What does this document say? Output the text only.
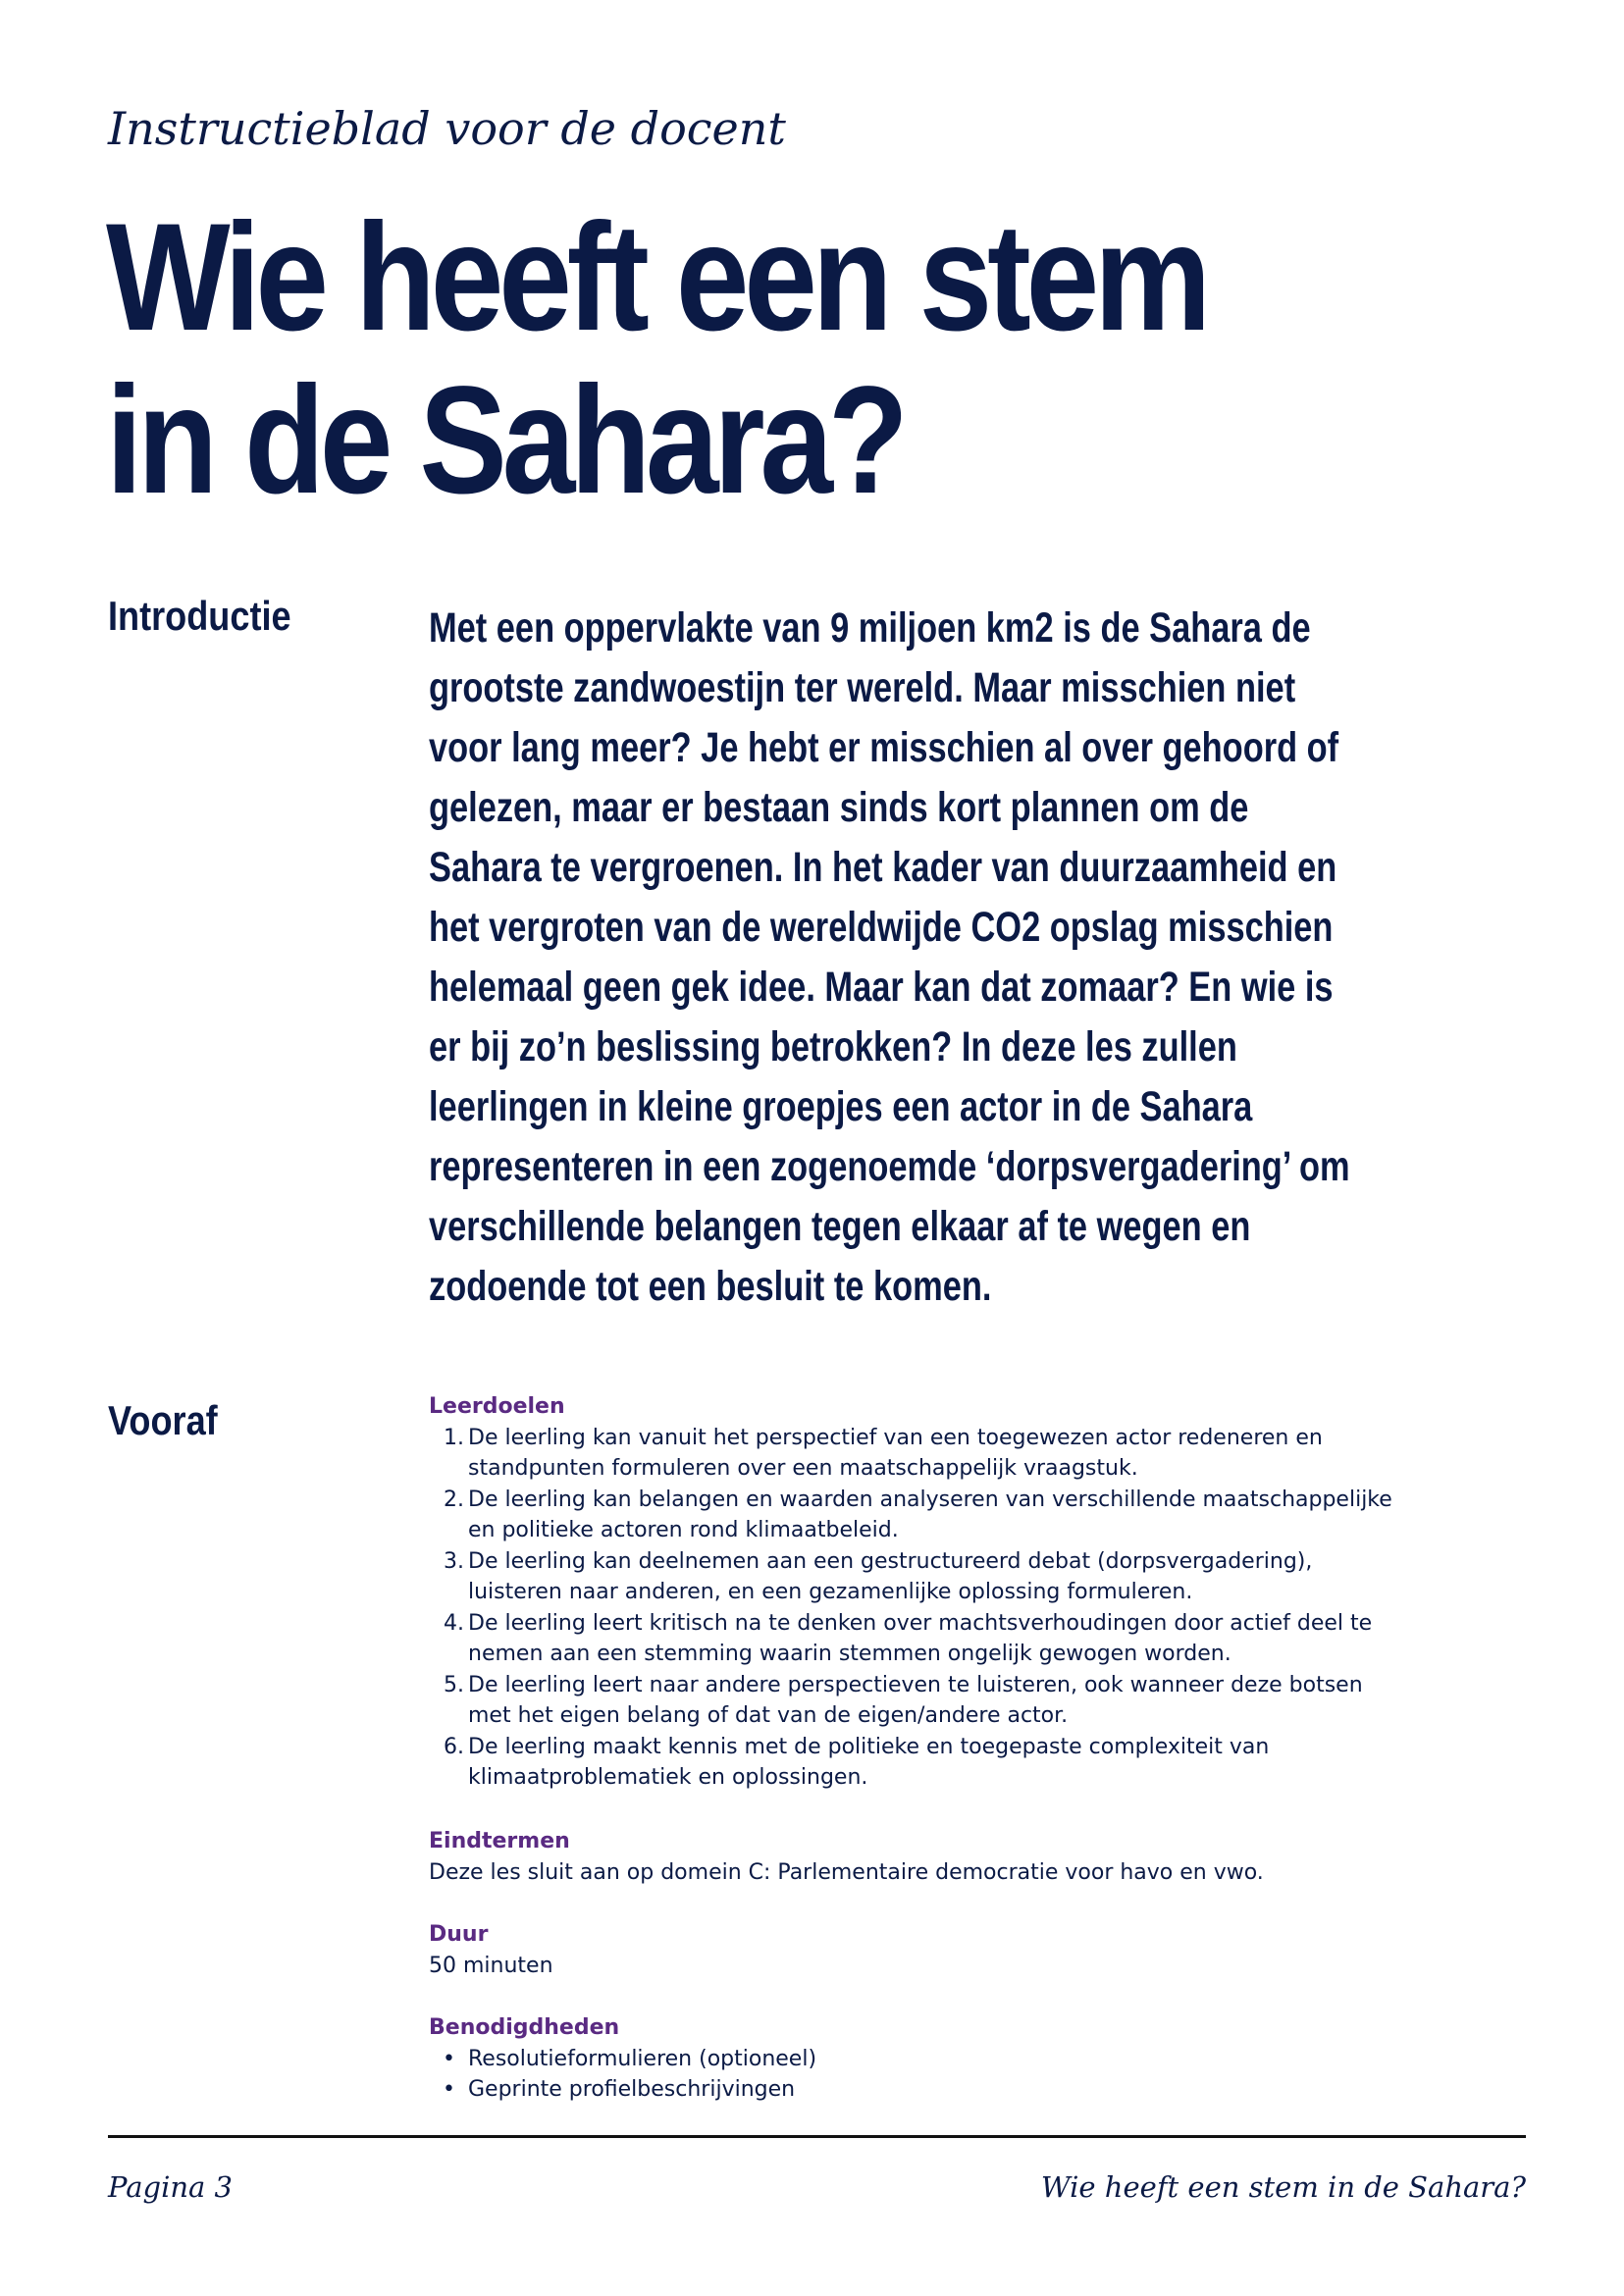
Instructieblad voor de docent
Wie heeft een stem in de Sahara?
Introductie	Met een oppervlakte van 9 miljoen km2 is de Sahara de grootste zandwoestijn ter wereld. Maar misschien niet voor lang meer? Je hebt er misschien al over gehoord of gelezen, maar er bestaan sinds kort plannen om de Sahara te vergroenen. In het kader van duurzaamheid en het vergroten van de wereldwijde CO2 opslag misschien helemaal geen gek idee. Maar kan dat zomaar? En wie is er bij zo’n beslissing betrokken? In deze les zullen leerlingen in kleine groepjes een actor in de Sahara representeren in een zogenoemde ‘dorpsvergadering’ om verschillende belangen tegen elkaar af te wegen en zodoende tot een besluit te komen.

Vooraf	Leerdoelen
1. De leerling kan vanuit het perspectief van een toegewezen actor redeneren en standpunten formuleren over een maatschappelijk vraagstuk.
2. De leerling kan belangen en waarden analyseren van verschillende maatschappelijke en politieke actoren rond klimaatbeleid.
3. De leerling kan deelnemen aan een gestructureerd debat (dorpsvergadering), luisteren naar anderen, en een gezamenlijke oplossing formuleren.
4. De leerling leert kritisch na te denken over machtsverhoudingen door actief deel te nemen aan een stemming waarin stemmen ongelijk gewogen worden.
5. De leerling leert naar andere perspectieven te luisteren, ook wanneer deze botsen met het eigen belang of dat van de eigen/andere actor.
6. De leerling maakt kennis met de politieke en toegepaste complexiteit van klimaatproblematiek en oplossingen.
Eindtermen
Deze les sluit aan op domein C: Parlementaire democratie voor havo en vwo.
Duur
50 minuten
Benodigdheden
• Resolutieformulieren (optioneel)
• Geprinte profielbeschrijvingen
Pagina 3	Wie heeft een stem in de Sahara?
